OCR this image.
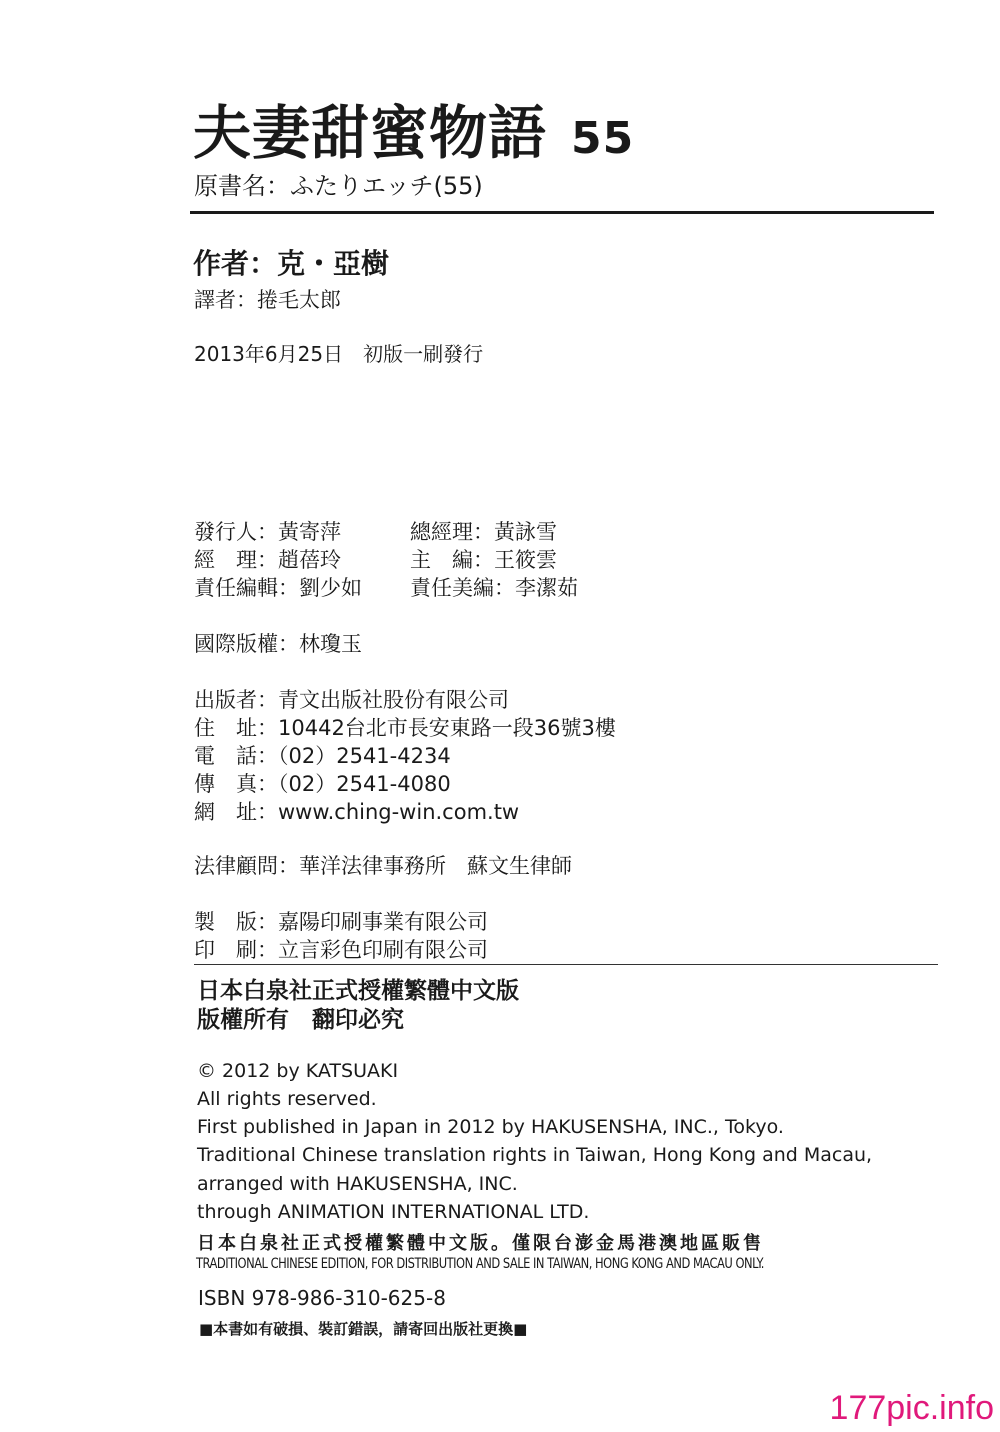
夫妻甜蜜物語 55
原書名：ふたりエッチ(55)
作者：克・亞樹
譯者：捲毛太郎
2013年6月25日　初版一刷發行
發行人：黃寄萍
經　理：趙蓓玲
責任編輯：劉少如
總經理：黃詠雪
主　編：王筱雲
責任美編：李潔茹
國際版權：林瓊玉
出版者：青文出版社股份有限公司
住　址：10442台北市長安東路一段36號3樓
電　話：（02）2541-4234
傳　真：（02）2541-4080
網　址：www.ching-win.com.tw
法律顧問：華洋法律事務所　蘇文生律師
製　版：嘉陽印刷事業有限公司
印　刷：立言彩色印刷有限公司
日本白泉社正式授權繁體中文版
版權所有　翻印必究
© 2012 by KATSUAKI
All rights reserved.
First published in Japan in 2012 by HAKUSENSHA, INC., Tokyo.
Traditional Chinese translation rights in Taiwan, Hong Kong and Macau,
arranged with HAKUSENSHA, INC.
through ANIMATION INTERNATIONAL LTD.
日本白泉社正式授權繁體中文版。僅限台澎金馬港澳地區販售
TRADITIONAL CHINESE EDITION, FOR DISTRIBUTION AND SALE IN TAIWAN, HONG KONG AND MACAU ONLY.
ISBN 978-986-310-625-8
■本書如有破損、裝訂錯誤，請寄回出版社更換■
177pic.info
